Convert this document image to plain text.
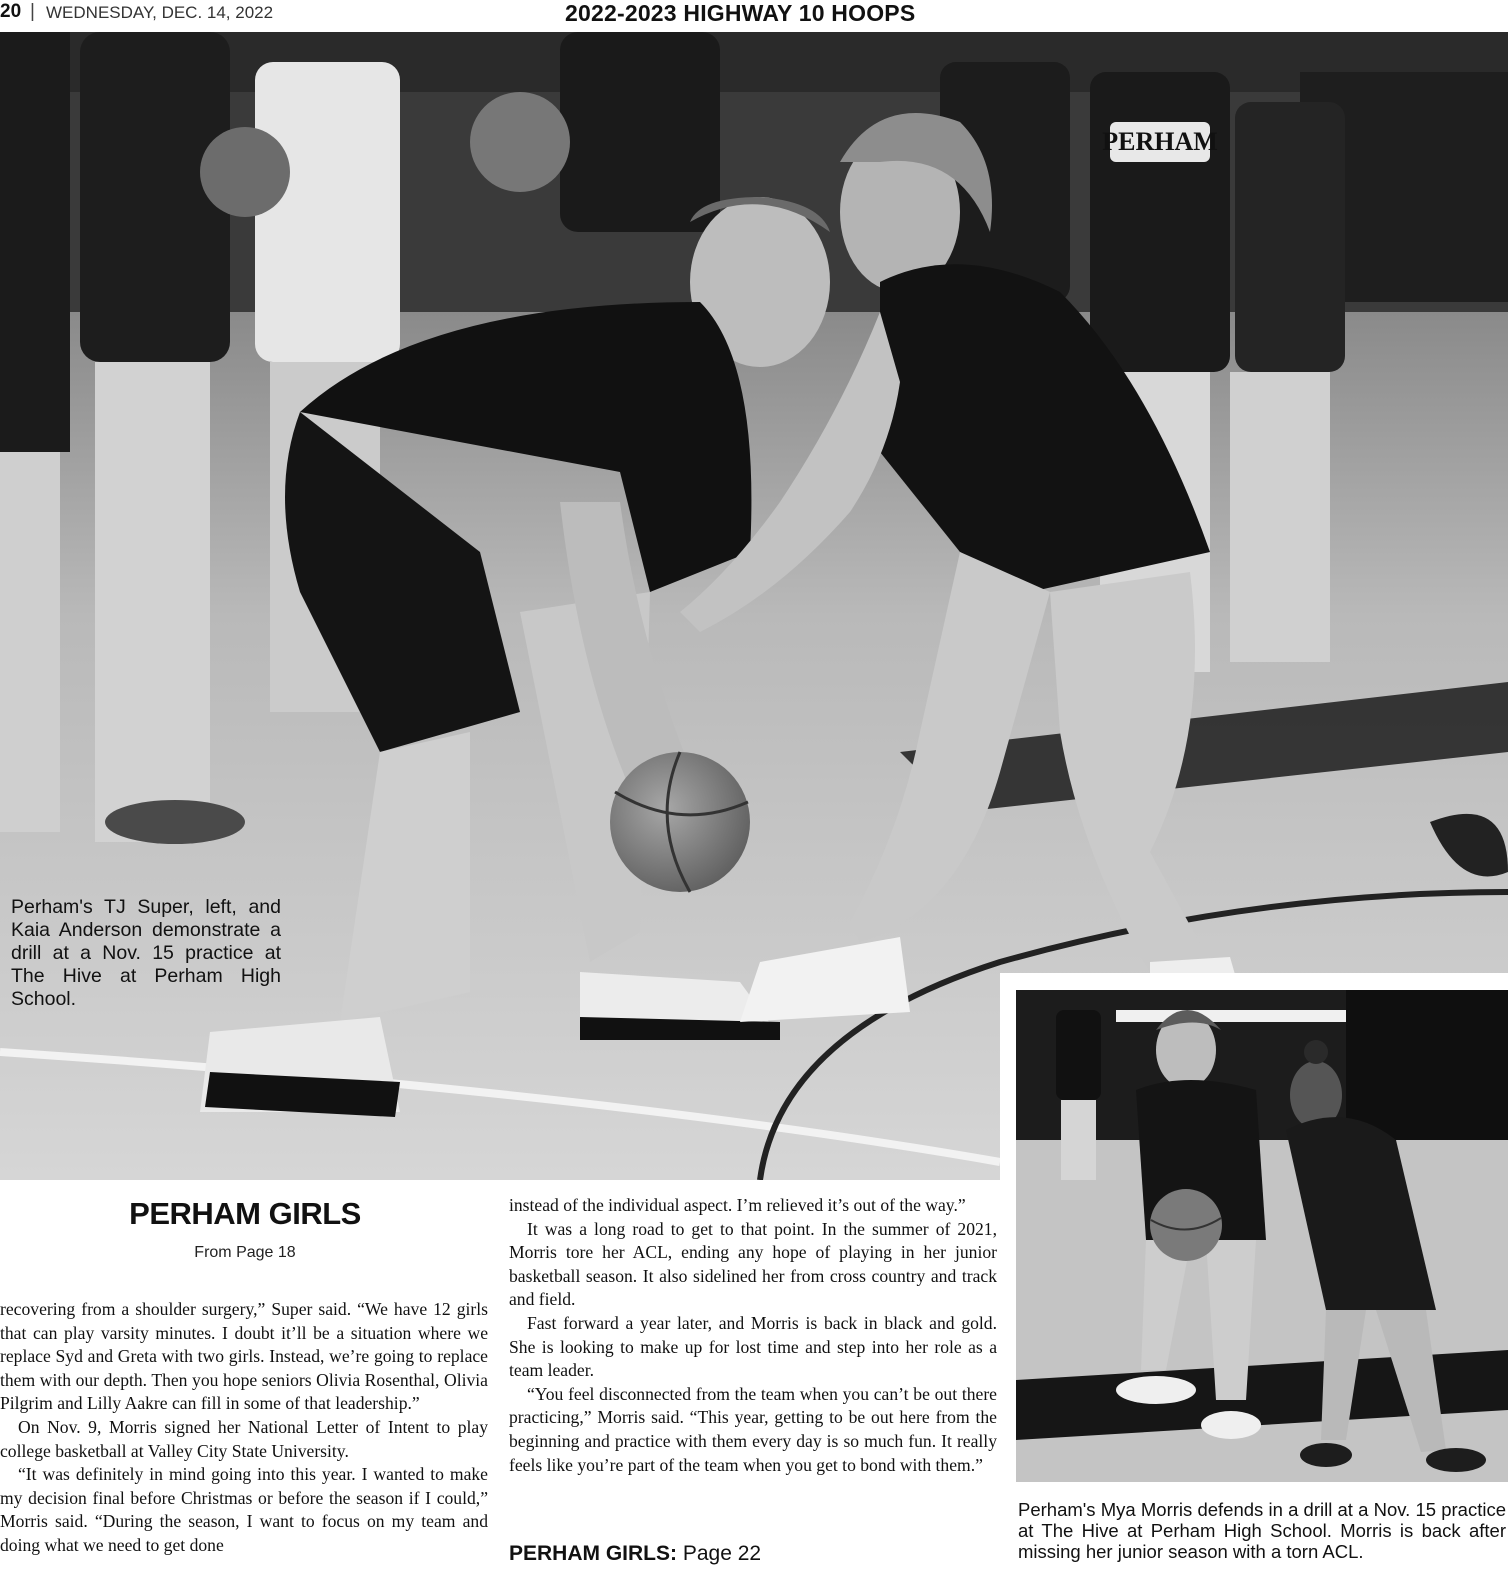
20 | WEDNESDAY, DEC. 14, 2022	2022-2023 HIGHWAY 10 HOOPS
PERHAM
Perham's TJ Super, left, and Kaia Anderson demonstrate a drill at a Nov. 15 practice at The Hive at Perham High School.
Perham's Mya Morris defends in a drill at a Nov. 15 practice at The Hive at Perham High School. Morris is back after missing her junior season with a torn ACL.
PERHAM GIRLS
From Page 18

recovering from a shoulder surgery,” Super said. “We have 12 girls that can play varsity minutes. I doubt it’ll be a situation where we replace Syd and Greta with two girls. Instead, we’re going to replace them with our depth. Then you hope seniors Olivia Rosenthal, Olivia Pilgrim and Lilly Aakre can fill in some of that leadership.”

On Nov. 9, Morris signed her National Letter of Intent to play college basketball at Valley City State University.

“It was definitely in mind going into this year. I wanted to make my decision final before Christmas or before the season if I could,” Morris said. “During the season, I want to focus on my team and doing what we need to get done

instead of the individual aspect. I’m relieved it’s out of the way.”

It was a long road to get to that point. In the summer of 2021, Morris tore her ACL, ending any hope of playing in her junior basketball season. It also sidelined her from cross country and track and field.

Fast forward a year later, and Morris is back in black and gold. She is looking to make up for lost time and step into her role as a team leader.

“You feel disconnected from the team when you can’t be out there practicing,” Morris said. “This year, getting to be out here from the beginning and practice with them every day is so much fun. It really feels like you’re part of the team when you get to bond with them.”

PERHAM GIRLS: Page 22
